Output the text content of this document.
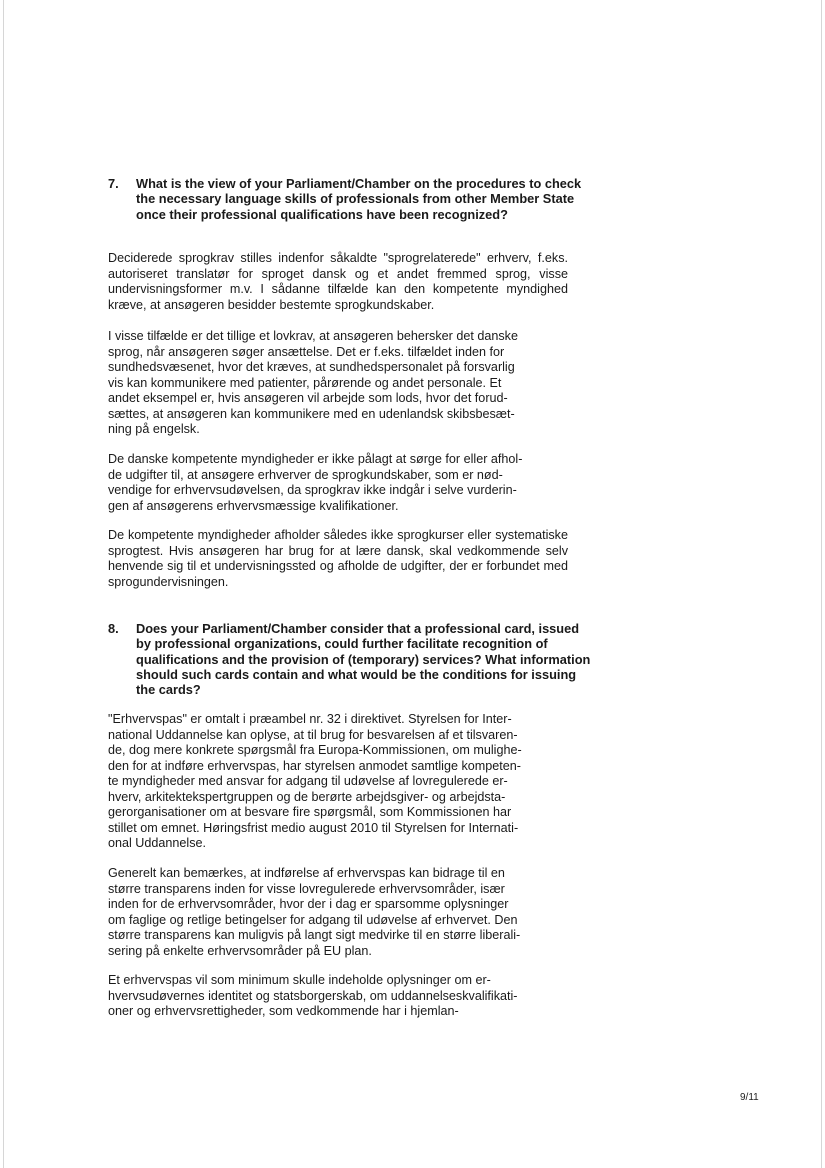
7. What is the view of your Parliament/Chamber on the procedures to check the necessary language skills of professionals from other Member State once their professional qualifications have been recognized?
Deciderede sprogkrav stilles indenfor såkaldte "sprogrelaterede" erhverv, f.eks. autoriseret translatør for sproget dansk og et andet fremmed sprog, visse undervisningsformer m.v. I sådanne tilfælde kan den kompetente myndighed kræve, at ansøgeren besidder bestemte sprogkundskaber.
I visse tilfælde er det tillige et lovkrav, at ansøgeren behersker det danske
sprog, når ansøgeren søger ansættelse. Det er f.eks. tilfældet inden for
sundhedsvæsenet, hvor det kræves, at sundhedspersonalet på forsvarlig
vis kan kommunikere med patienter, pårørende og andet personale. Et
andet eksempel er, hvis ansøgeren vil arbejde som lods, hvor det forud-
sættes, at ansøgeren kan kommunikere med en udenlandsk skibsbesæt-
ning på engelsk.
De danske kompetente myndigheder er ikke pålagt at sørge for eller afhol-
de udgifter til, at ansøgere erhverver de sprogkundskaber, som er nød-
vendige for erhvervsudøvelsen, da sprogkrav ikke indgår i selve vurderin-
gen af ansøgerens erhvervsmæssige kvalifikationer.
De kompetente myndigheder afholder således ikke sprogkurser eller systematiske sprogtest. Hvis ansøgeren har brug for at lære dansk, skal vedkommende selv henvende sig til et undervisningssted og afholde de udgifter, der er forbundet med sprogundervisningen.
8. Does your Parliament/Chamber consider that a professional card, issued by professional organizations, could further facilitate recognition of qualifications and the provision of (temporary) services? What information should such cards contain and what would be the conditions for issuing the cards?
"Erhvervspas" er omtalt i præambel nr. 32 i direktivet. Styrelsen for Inter-
national Uddannelse kan oplyse, at til brug for besvarelsen af et tilsvaren-
de, dog mere konkrete spørgsmål fra Europa-Kommissionen, om mulighe-
den for at indføre erhvervspas, har styrelsen anmodet samtlige kompeten-
te myndigheder med ansvar for adgang til udøvelse af lovregulerede er-
hverv, arkitektekspertgruppen og de berørte arbejdsgiver- og arbejdsta-
gerorganisationer om at besvare fire spørgsmål, som Kommissionen har
stillet om emnet. Høringsfrist medio august 2010 til Styrelsen for Internati-
onal Uddannelse.
Generelt kan bemærkes, at indførelse af erhvervspas kan bidrage til en
større transparens inden for visse lovregulerede erhvervsområder, især
inden for de erhvervsområder, hvor der i dag er sparsomme oplysninger
om faglige og retlige betingelser for adgang til udøvelse af erhvervet. Den
større transparens kan muligvis på langt sigt medvirke til en større liberali-
sering på enkelte erhvervsområder på EU plan.
Et erhvervspas vil som minimum skulle indeholde oplysninger om er-
hvervsudøvernes identitet og statsborgerskab, om uddannelseskvalifikati-
oner og erhvervsrettigheder, som vedkommende har i hjemlan-
9/11
